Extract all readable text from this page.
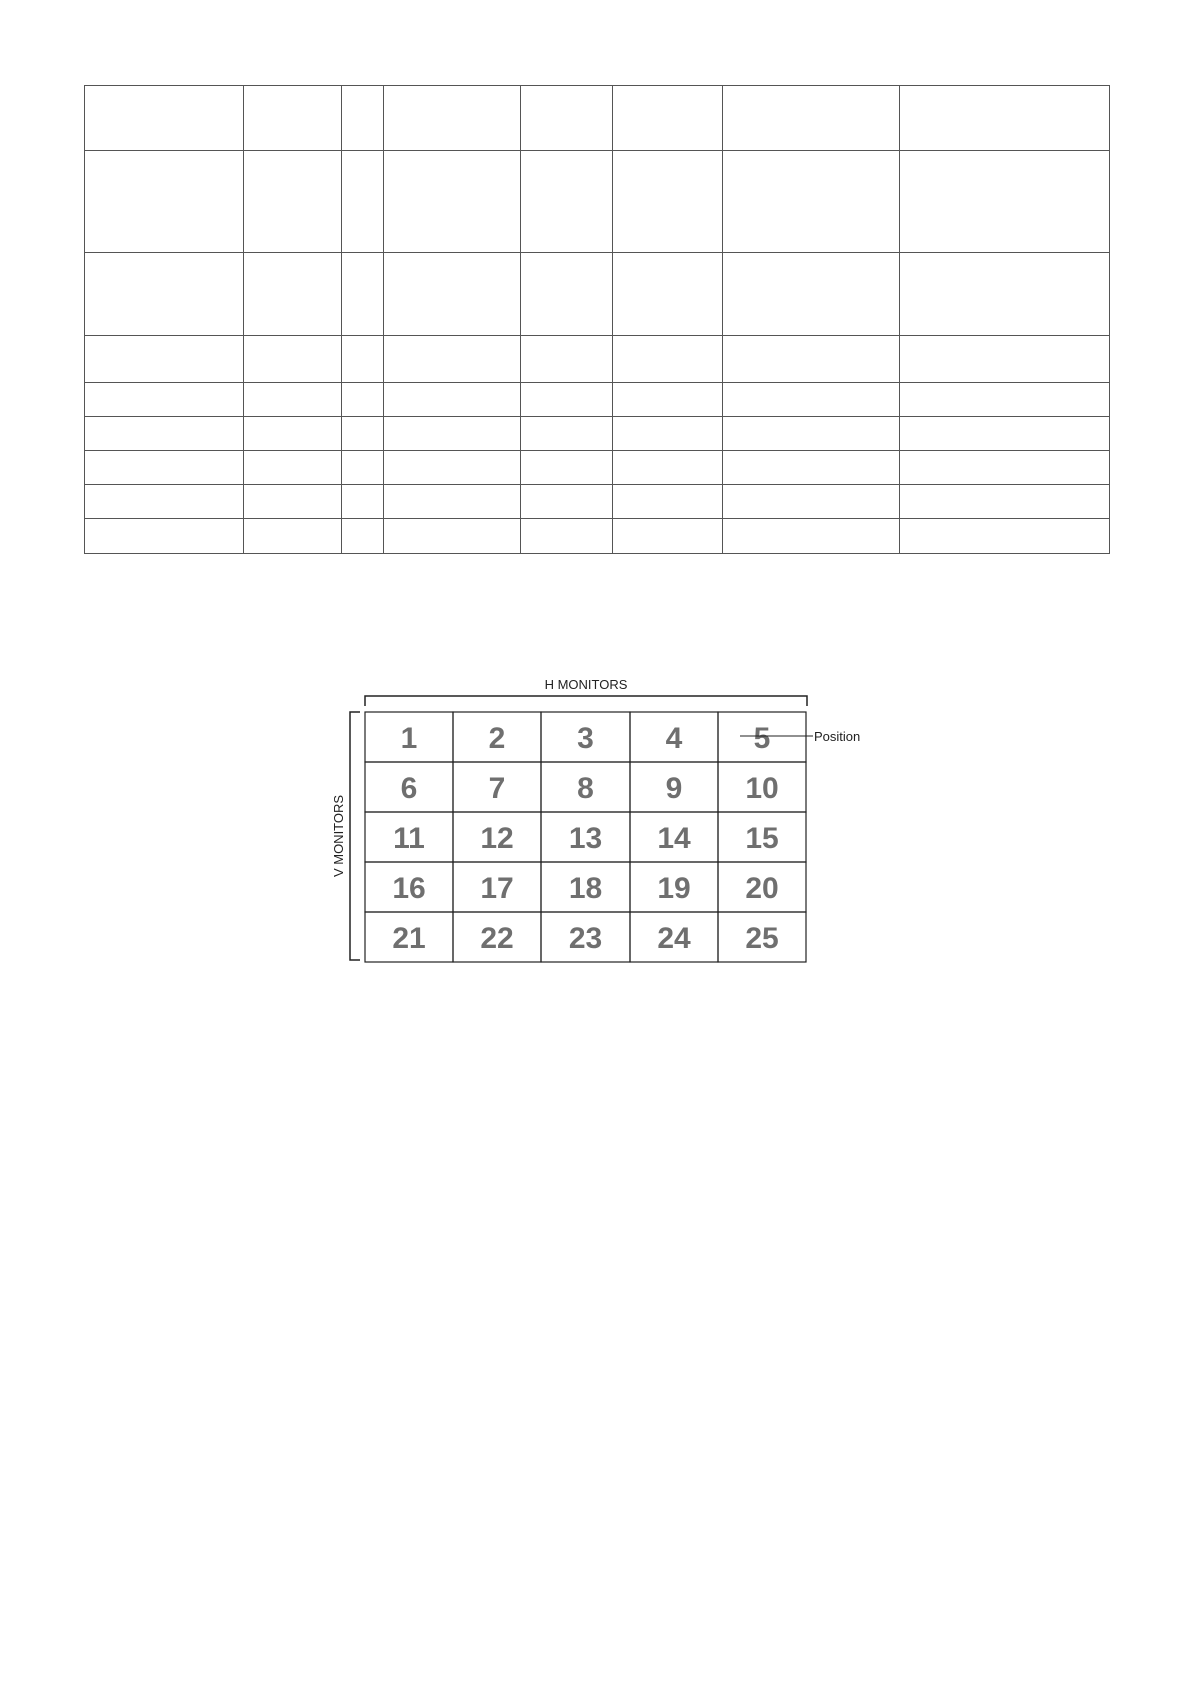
H MONITORS
V MONITORS
1 2 3 4 5
6 7 8 9 10
11 12 13 14 15
16 17 18 19 20
21 22 23 24 25
Position
